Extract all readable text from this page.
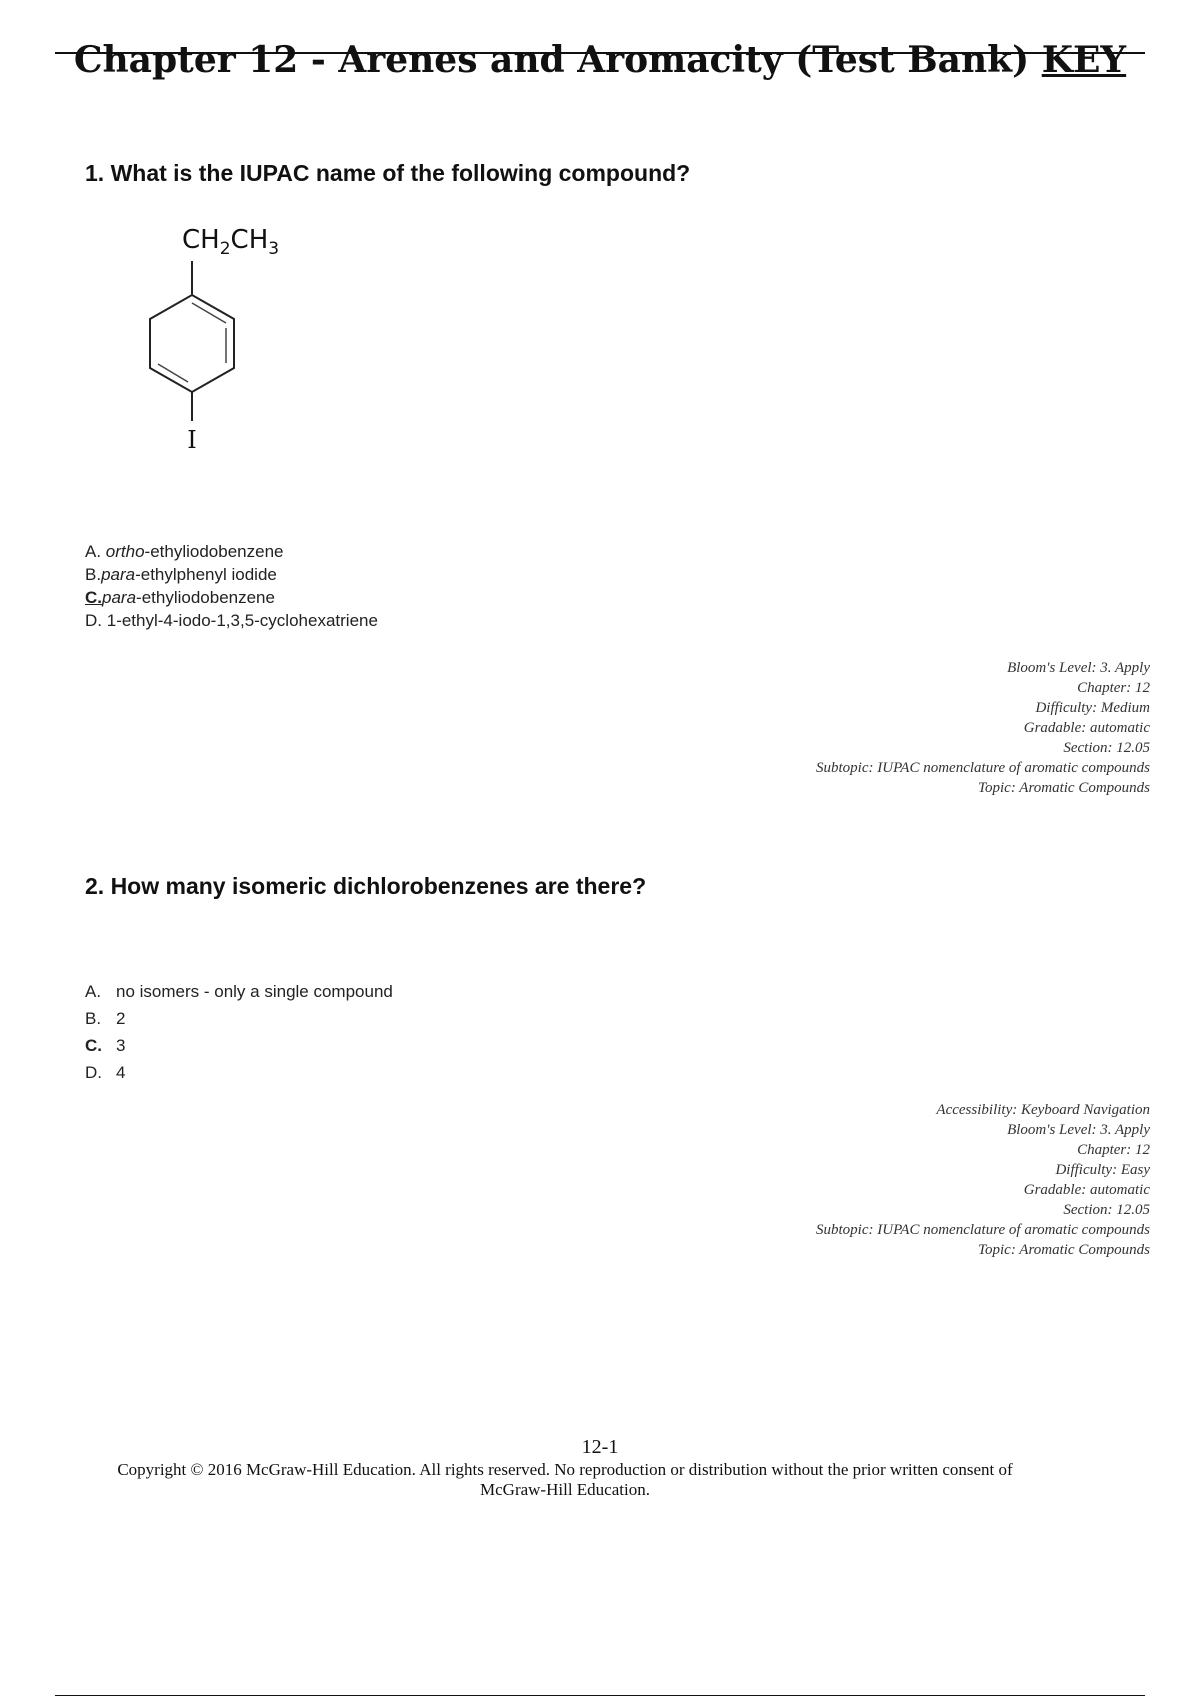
Chapter 12 - Arenes and Aromacity (Test Bank) KEY
1. What is the IUPAC name of the following compound?
$CH_2CH_3$
I
A. ortho-ethyliodobenzene
B.para-ethylphenyl iodide
C.para-ethyliodobenzene
D. 1-ethyl-4-iodo-1,3,5-cyclohexatriene
Bloom's Level: 3. Apply
Chapter: 12
Difficulty: Medium
Gradable: automatic
Section: 12.05
Subtopic: IUPAC nomenclature of aromatic compounds
Topic: Aromatic Compounds
2. How many isomeric dichlorobenzenes are there?
A. no isomers - only a single compound
B. 2
C. 3
D. 4
Accessibility: Keyboard Navigation
Bloom's Level: 3. Apply
Chapter: 12
Difficulty: Easy
Gradable: automatic
Section: 12.05
Subtopic: IUPAC nomenclature of aromatic compounds
Topic: Aromatic Compounds
12-1
Copyright © 2016 McGraw-Hill Education. All rights reserved. No reproduction or distribution without the prior written consent of McGraw-Hill Education.
